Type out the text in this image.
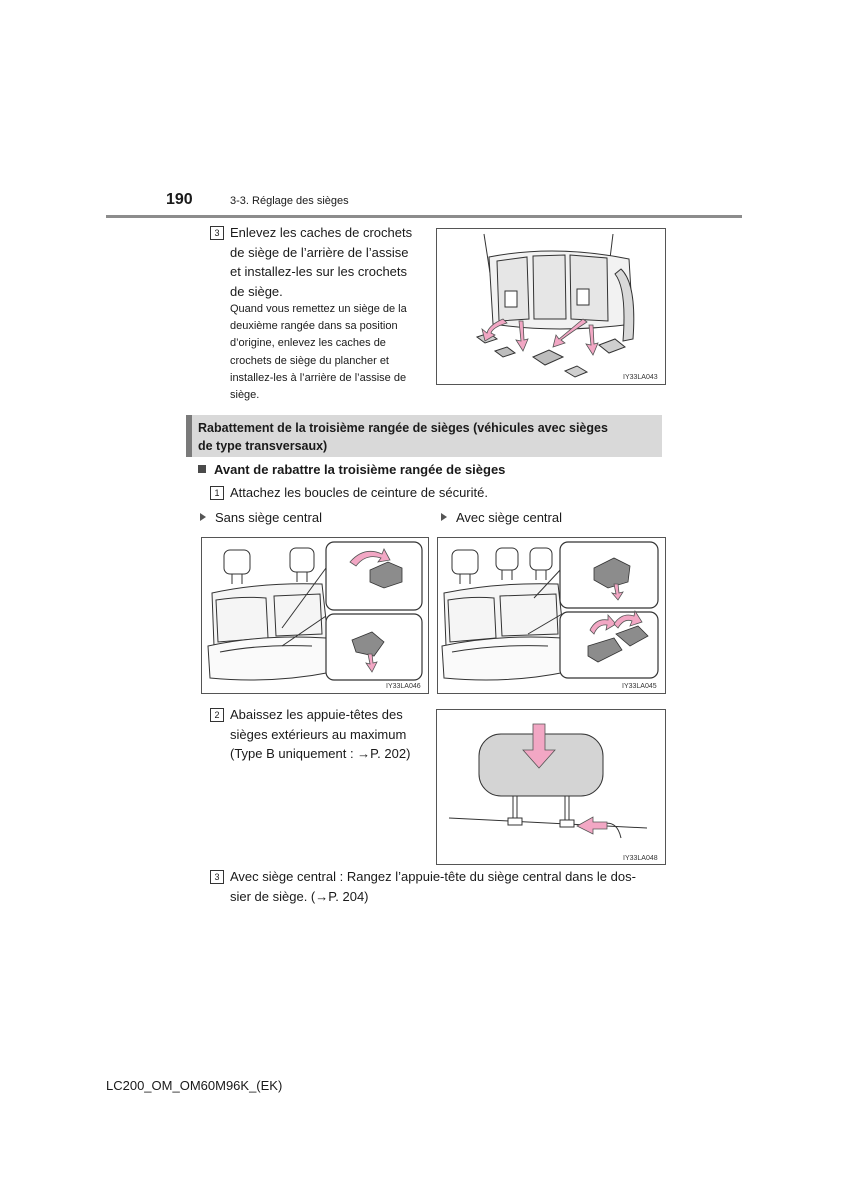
190	3-3. Réglage des sièges
3 Enlevez les caches de crochets
de siège de l’arrière de l’assise
et installez-les sur les crochets
de siège.
Quand vous remettez un siège de la
deuxième rangée dans sa position
d’origine, enlevez les caches de
crochets de siège du plancher et
installez-les à l’arrière de l’assise de
siège.
IY33LA043
Rabattement de la troisième rangée de sièges (véhicules avec sièges
de type transversaux)
Avant de rabattre la troisième rangée de sièges
1 Attachez les boucles de ceinture de sécurité.
Sans siège central	Avec siège central
IY33LA046	IY33LA045
2 Abaissez les appuie-têtes des
sièges extérieurs au maximum
(Type B uniquement : →P. 202)
IY33LA048
3 Avec siège central : Rangez l’appuie-tête du siège central dans le dos-
sier de siège. (→P. 204)
LC200_OM_OM60M96K_(EK)
